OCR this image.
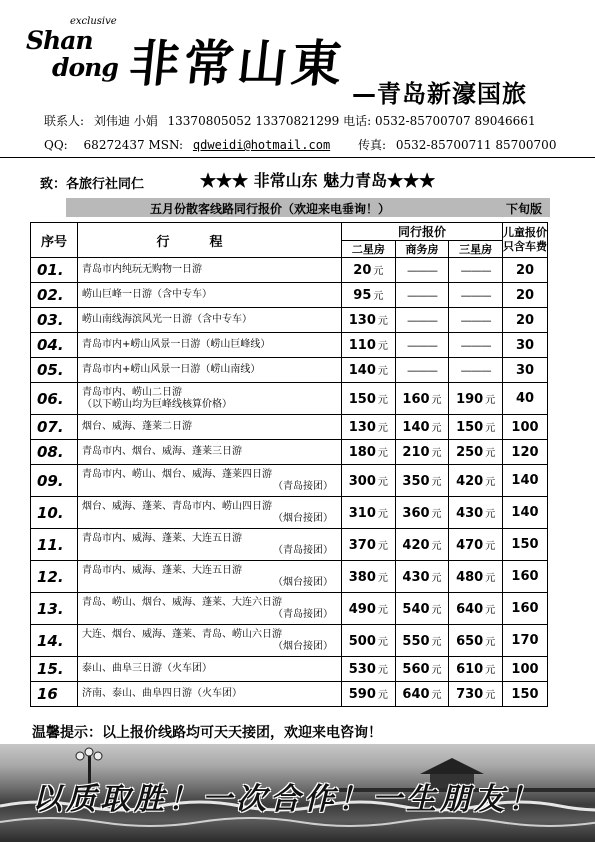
exclusive
Shan
dong 非常山東
—青岛新濠国旅
联系人: 刘伟迪 小娟 13370805052 13370821299 电话: 0532-85700707 89046661
QQ: 68272437 MSN: qdweidi@hotmail.com 传真: 0532-85700711 85700700
致：各旅行社同仁	★★★ 非常山东 魅力青岛★★★
五月份散客线路同行报价（欢迎来电垂询！）	下旬版
序号	行程	同行报价			儿童报价
只含车费
		二星房	商务房	三星房	
01.	青岛市内纯玩无购物一日游	20 元	———	———	20
02.	崂山巨峰一日游（含中专车）	95 元	———	———	20
03.	崂山南线海滨风光一日游（含中专车）	130 元	———	———	20
04.	青岛市内+崂山风景一日游（崂山巨峰线）	110 元	———	———	30
05.	青岛市内+崂山风景一日游（崂山南线）	140 元	———	———	30
06.	青岛市内、崂山二日游
（以下崂山均为巨峰线核算价格）	150 元	160 元	190 元	40
07.	烟台、威海、蓬莱二日游	130 元	140 元	150 元	100
08.	青岛市内、烟台、威海、蓬莱三日游	180 元	210 元	250 元	120
09.	青岛市内、崂山、烟台、威海、蓬莱四日游
（青岛接团）	300 元	350 元	420 元	140
10.	烟台、威海、蓬莱、青岛市内、崂山四日游
（烟台接团）	310 元	360 元	430 元	140
11.	青岛市内、威海、蓬莱、大连五日游
（青岛接团）	370 元	420 元	470 元	150
12.	青岛市内、威海、蓬莱、大连五日游
（烟台接团）	380 元	430 元	480 元	160
13.	青岛、崂山、烟台、威海、蓬莱、大连六日游
（青岛接团）	490 元	540 元	640 元	160
14.	大连、烟台、威海、蓬莱、青岛、崂山六日游
（烟台接团）	500 元	550 元	650 元	170
15.	泰山、曲阜三日游（火车团）	530 元	560 元	610 元	100
16	济南、泰山、曲阜四日游（火车团）	590 元	640 元	730 元	150
温馨提示：以上报价线路均可天天接团，欢迎来电咨询！
以质取胜！一次合作！一生朋友！
